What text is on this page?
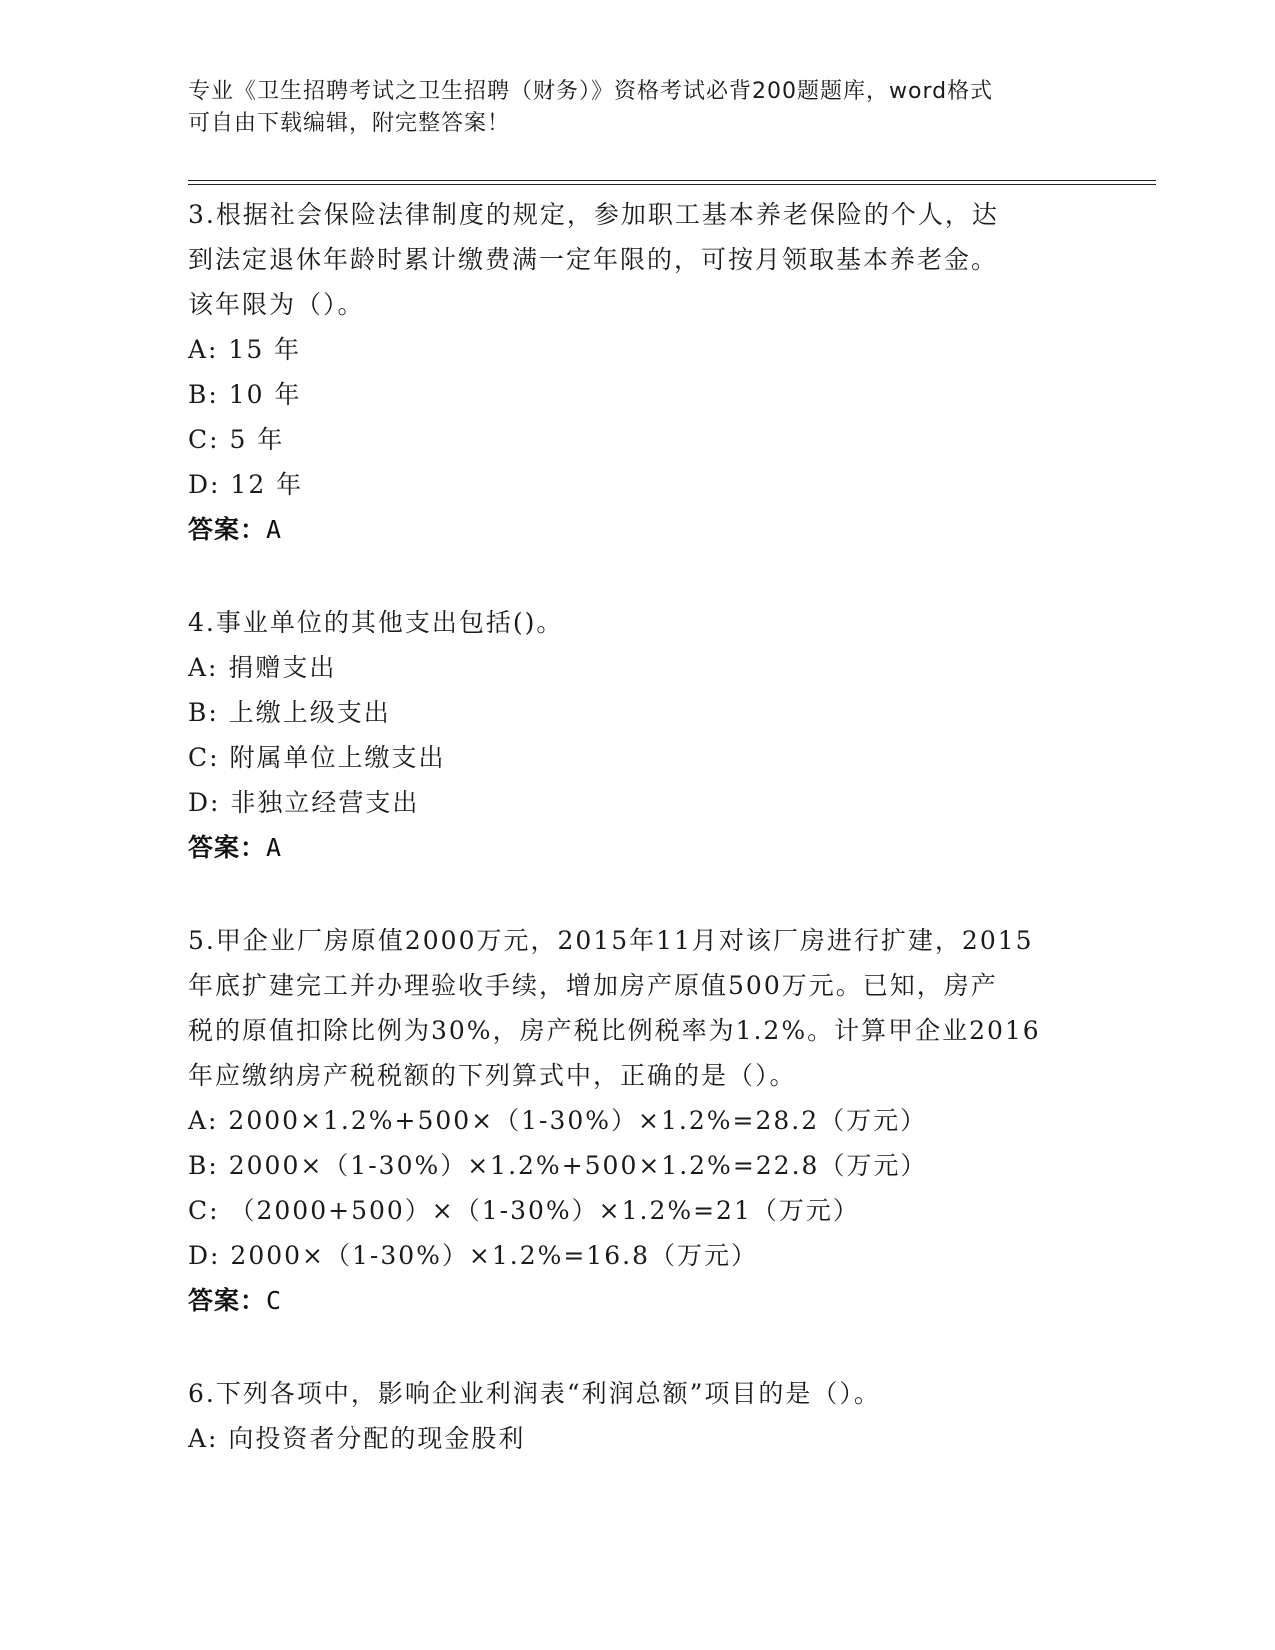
专业《卫生招聘考试之卫生招聘（财务）》资格考试必背200题题库，word格式
可自由下载编辑，附完整答案！
3.根据社会保险法律制度的规定，参加职工基本养老保险的个人，达
到法定退休年龄时累计缴费满一定年限的，可按月领取基本养老金。
该年限为（）。
A: 15 年
B: 10 年
C: 5 年
D: 12 年
答案：A
4.事业单位的其他支出包括()。
A: 捐赠支出
B: 上缴上级支出
C: 附属单位上缴支出
D: 非独立经营支出
答案：A
5.甲企业厂房原值2000万元，2015年11月对该厂房进行扩建，2015
年底扩建完工并办理验收手续，增加房产原值500万元。已知，房产
税的原值扣除比例为30%，房产税比例税率为1.2%。计算甲企业2016
年应缴纳房产税税额的下列算式中，正确的是（）。
A: 2000×1.2%+500×（1-30%）×1.2%=28.2（万元）
B: 2000×（1-30%）×1.2%+500×1.2%=22.8（万元）
C: （2000+500）×（1-30%）×1.2%=21（万元）
D: 2000×（1-30%）×1.2%=16.8（万元）
答案：C
6.下列各项中，影响企业利润表“利润总额”项目的是（）。
A: 向投资者分配的现金股利
